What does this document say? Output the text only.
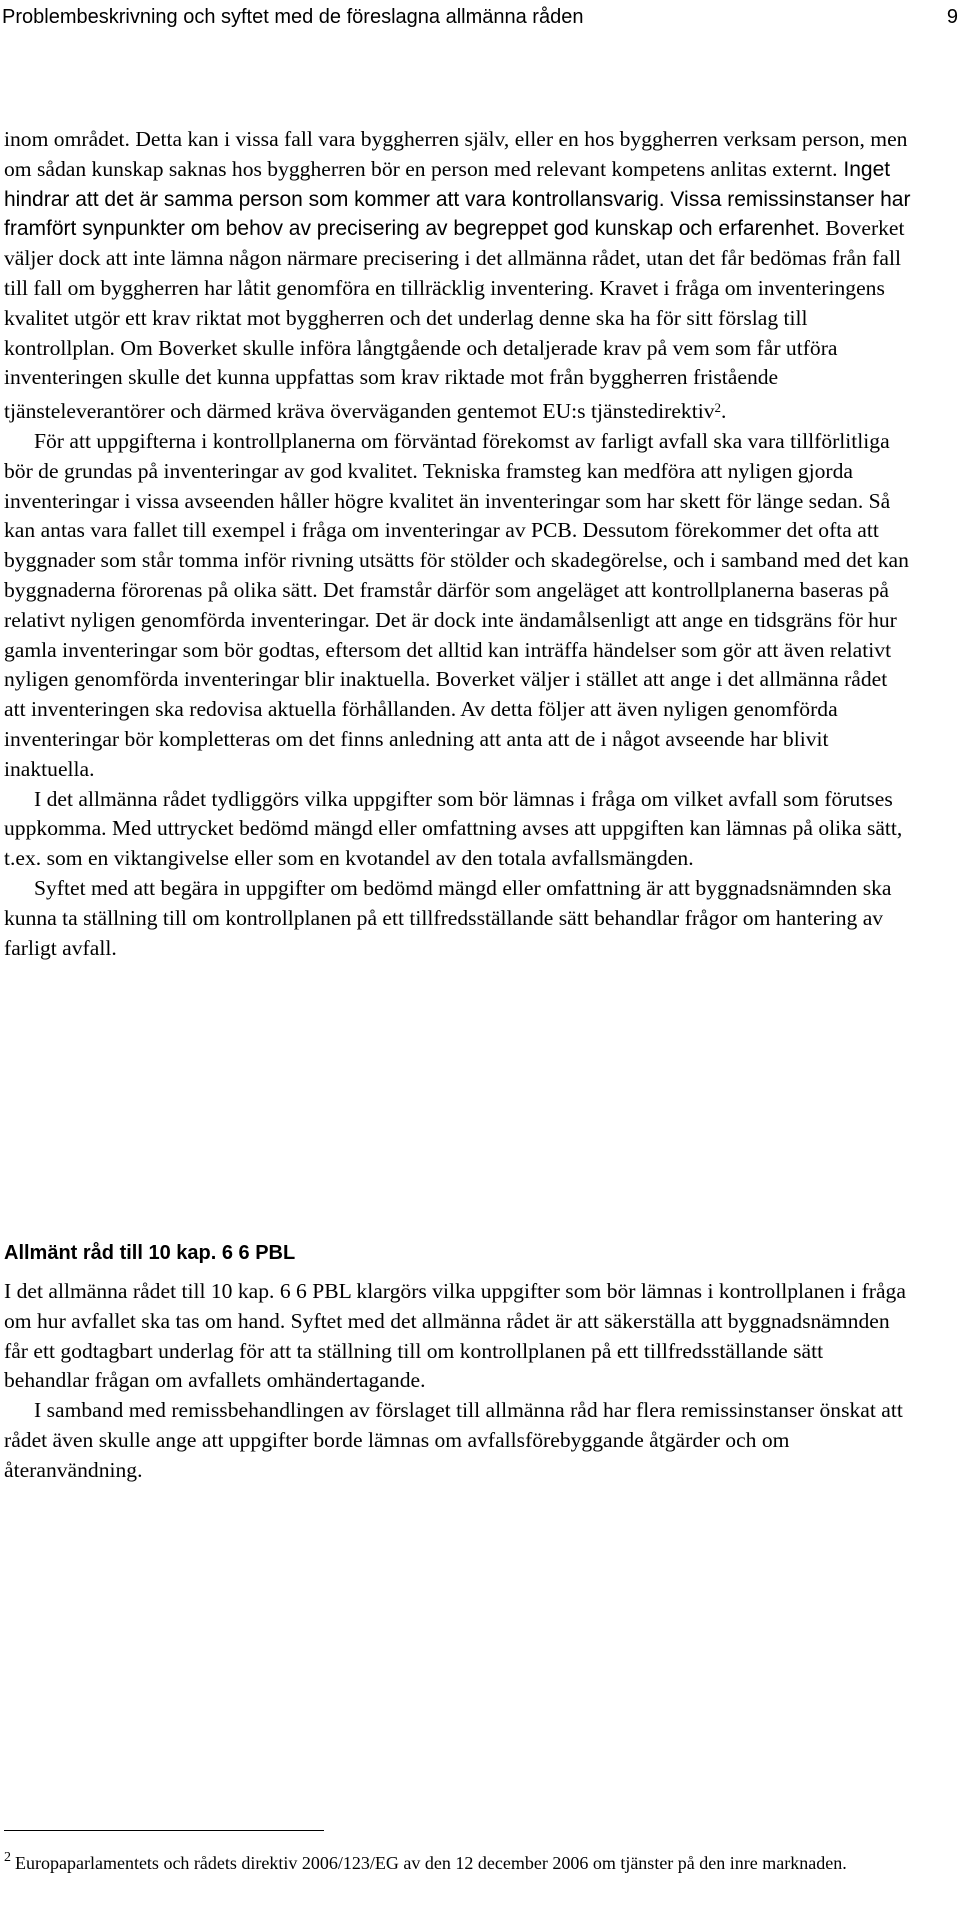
Problembeskrivning och syftet med de föreslagna allmänna råden	9

inom området. Detta kan i vissa fall vara byggherren själv, eller en hos byggherren verksam person, men om sådan kunskap saknas hos byggherren bör en person med relevant kompetens anlitas externt. Inget hindrar att det är samma person som kommer att vara kontrollansvarig. Vissa remissinstanser har framfört synpunkter om behov av precisering av begreppet god kunskap och erfarenhet. Boverket väljer dock att inte lämna någon närmare precisering i det allmänna rådet, utan det får bedömas från fall till fall om byggherren har låtit genomföra en tillräcklig inventering. Kravet i fråga om inventeringens kvalitet utgör ett krav riktat mot byggherren och det underlag denne ska ha för sitt förslag till kontrollplan. Om Boverket skulle införa långtgående och detaljerade krav på vem som får utföra inventeringen skulle det kunna uppfattas som krav riktade mot från byggherren fristående tjänsteleverantörer och därmed kräva överväganden gentemot EU:s tjänstedirektiv$^2$.

För att uppgifterna i kontrollplanerna om förväntad förekomst av farligt avfall ska vara tillförlitliga bör de grundas på inventeringar av god kvalitet. Tekniska framsteg kan medföra att nyligen gjorda inventeringar i vissa avseenden håller högre kvalitet än inventeringar som har skett för länge sedan. Så kan antas vara fallet till exempel i fråga om inventeringar av PCB. Dessutom förekommer det ofta att byggnader som står tomma inför rivning utsätts för stölder och skadegörelse, och i samband med det kan byggnaderna förorenas på olika sätt. Det framstår därför som angeläget att kontrollplanerna baseras på relativt nyligen genomförda inventeringar. Det är dock inte ändamålsenligt att ange en tidsgräns för hur gamla inventeringar som bör godtas, eftersom det alltid kan inträffa händelser som gör att även relativt nyligen genomförda inventeringar blir inaktuella. Boverket väljer i stället att ange i det allmänna rådet att inventeringen ska redovisa aktuella förhållanden. Av detta följer att även nyligen genomförda inventeringar bör kompletteras om det finns anledning att anta att de i något avseende har blivit inaktuella.

I det allmänna rådet tydliggörs vilka uppgifter som bör lämnas i fråga om vilket avfall som förutses uppkomma. Med uttrycket bedömd mängd eller omfattning avses att uppgiften kan lämnas på olika sätt, t.ex. som en viktangivelse eller som en kvotandel av den totala avfallsmängden.

Syftet med att begära in uppgifter om bedömd mängd eller omfattning är att byggnadsnämnden ska kunna ta ställning till om kontrollplanen på ett tillfredsställande sätt behandlar frågor om hantering av farligt avfall.

Allmänt råd till 10 kap. 6 6 PBL

I det allmänna rådet till 10 kap. 6 6 PBL klargörs vilka uppgifter som bör lämnas i kontrollplanen i fråga om hur avfallet ska tas om hand. Syftet med det allmänna rådet är att säkerställa att byggnadsnämnden får ett godtagbart underlag för att ta ställning till om kontrollplanen på ett tillfredsställande sätt behandlar frågan om avfallets omhändertagande.

I samband med remissbehandlingen av förslaget till allmänna råd har flera remissinstanser önskat att rådet även skulle ange att uppgifter borde lämnas om avfallsförebyggande åtgärder och om återanvändning.

$^2$ Europaparlamentets och rådets direktiv 2006/123/EG av den 12 december 2006 om tjänster på den inre marknaden.
